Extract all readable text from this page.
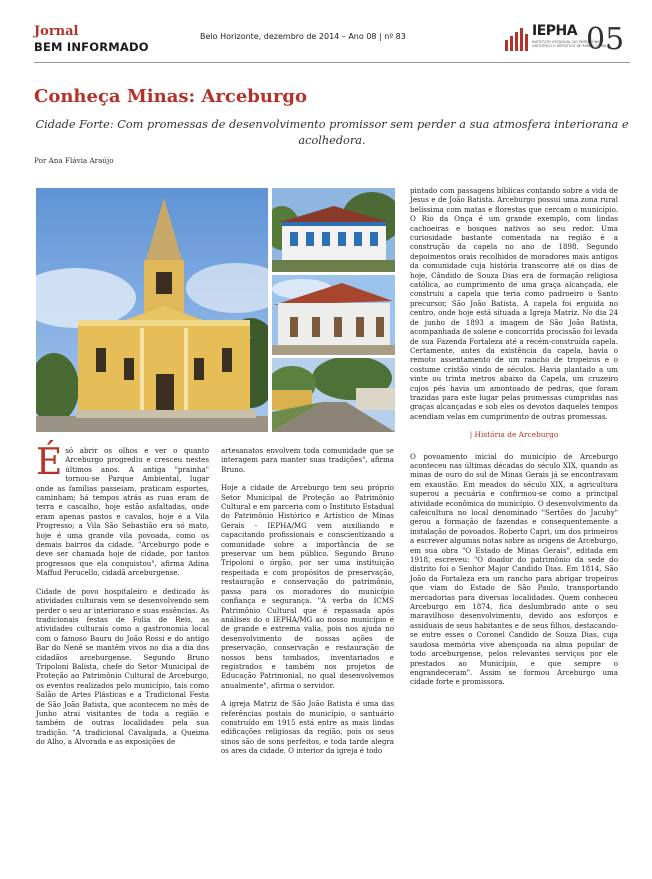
Jornal
BEM INFORMADO
Belo Horizonte, dezembro de 2014 – Ano 08 | nº 83	IEPHA
INSTITUTO ESTADUAL DO PATRIMÔNIO HISTÓRICO E ARTÍSTICO DE MINAS GERAIS
05
Conheça Minas: Arceburgo
Cidade Forte: Com promessas de desenvolvimento promissor sem perder a sua atmosfera interiorana e acolhedora.
Por Ana Flávia Araújo

Ésó abrir os olhos e ver o quanto Arceburgo progrediu e cresceu nestes últimos anos. A antiga "prainha" tornou-se Parque Ambiental, lugar onde as famílias passeiam, praticam esportes, caminham; há tempos atrás as ruas eram de terra e cascalho, hoje estão asfaltadas, onde eram apenas pastos e cavalos, hoje é a Vila Progresso; a Vila São Sebastião era só mato, hoje é uma grande vila povoada, como os demais bairros da cidade. "Arceburgo pode e deve ser chamada hoje de cidade, por tantos progressos que ela conquistou", afirma Adina Maffud Perucello, cidadã arceburgense.

Cidade de povo hospitaleiro e dedicado às atividades culturais vem se desenvolvendo sem perder o seu ar interiorano e suas essências. As tradicionais festas de Folia de Reis, as atividades culturais como a gastronomia local com o famoso Bauru do João Rossi e do antigo Bar do Nenê se mantêm vivos no dia a dia dos cidadãos arceburgense. Segundo Bruno Tripoloni Balista, chefe do Setor Municipal de Proteção ao Patrimônio Cultural de Arceburgo, os eventos realizados pelo município, tais como Salão de Artes Plásticas e a Tradicional Festa de São João Batista, que acontecem no mês de Junho atrai visitantes de toda a região e também de outras localidades pela sua tradição. "A tradicional Cavalgada, a Queima do Alho, a Alvorada e as exposições de

artesanatos envolvem toda comunidade que se interagem para manter suas tradições", afirma Bruno.

Hoje a cidade de Arceburgo tem seu próprio Setor Municipal de Proteção ao Patrimônio Cultural e em parceria com o Instituto Estadual do Patrimônio Histórico e Artístico de Minas Gerais - IEPHA/MG vem auxiliando e capacitando profissionais e conscientizando a comunidade sobre a importância de se preservar um bem público. Segundo Bruno Tripoloni o órgão, por ser uma instituição respeitada e com propósitos de preservação, restauração e conservação do patrimônio, passa para os moradores do município confiança e segurança. "A verba do ICMS Patrimônio Cultural que é repassada após análises do o IEPHA/MG ao nosso município é de grande e extrema valia, pois nos ajuda no desenvolvimento de nossas ações de preservação, conservação e restauração de nossos bens tombados, inventariados e registrados e também nos projetos de Educação Patrimonial, no qual desenvolvemos anualmente", afirma o servidor.

A igreja Matriz de São João Batista é uma das referências postais do município, o santuário construído em 1915 está entre as mais lindas edificações religiosas da região, pois os seus sinos são de sons perfeitos, e toda tarde alegra os ares da cidade. O interior da igreja é todo

pintado com passagens bíblicas contando sobre a vida de Jesus e de João Batista. Arceburgo possui uma zona rural belíssima com matas e florestas que cercam o município. O Rio da Onça é um grande exemplo, com lindas cachoeiras e bosques nativos ao seu redor. Uma curiosidade bastante comentada na região é a construção da capela no ano de 1898. Segundo depoimentos orais recolhidos de moradores mais antigos da comunidade cuja história transcorre até os dias de hoje, Cândido de Souza Dias era de formação religiosa católica, ao cumprimento de uma graça alcançada, ele construiu a capela que teria como padroeiro o Santo precursor, São João Batista. A capela foi erguida no centro, onde hoje está situada a Igreja Matriz. No dia 24 de junho de 1893 a imagem de São João Batista, acompanhada de solene e concorrida procissão foi levada de sua Fazenda Fortaleza até a recém-construída capela. Certamente, antes da existência da capela, havia o remoto assentamento de um rancho de tropeiros e o costume cristão vindo de séculos. Havia plantado a um vinte ou trinta metros abaixo da Capela, um cruzeiro cujos pés havia um amontoado de pedras, que foram trazidas para este lugar pelas promessas cumpridas nas graças alcançadas e sob eles os devotos daqueles tempos acendiam velas em cumprimento de outras promessas.

| História de Arceburgo

O povoamento inicial do município de Arceburgo aconteceu nas últimas décadas do século XIX, quando as minas de ouro do sul de Minas Gerais já se encontravam em exaustão. Em meados do século XIX, a agricultura superou a pecuária e confirmou-se como a principal atividade econômica do município. O desenvolvimento da cafeicultura no local denominado "Sertões do Jacuhy" gerou a formação de fazendas e consequentemente a instalação de povoados. Roberto Capri, um dos primeiros a escrever algumas notas sobre as origens de Arceburgo, em sua obra "O Estado de Minas Gerais", editada em 1918, escreveu: "O doador do patrimônio da sede do distrito foi o Senhor Major Candido Dias. Em 1814, São João da Fortaleza era um rancho para abrigar tropeiros que viam do Estado de São Paulo, transportando mercadorias para diversas localidades. Quem conheceu Arceburgo em 1874, fica deslumbrado ante o seu maravilhoso desenvolvimento, devido aos esforços e assiduais de seus habitantes e de seus filhos, destacando-se entre esses o Coronel Candido de Souza Dias, cuja saudosa memória vive abençoada na alma popular de todo arceburgense, pelos relevantes serviços por ele prestados ao Município, e que sempre o engrandeceram". Assim se formou Arceburgo uma cidade forte e promissora.
